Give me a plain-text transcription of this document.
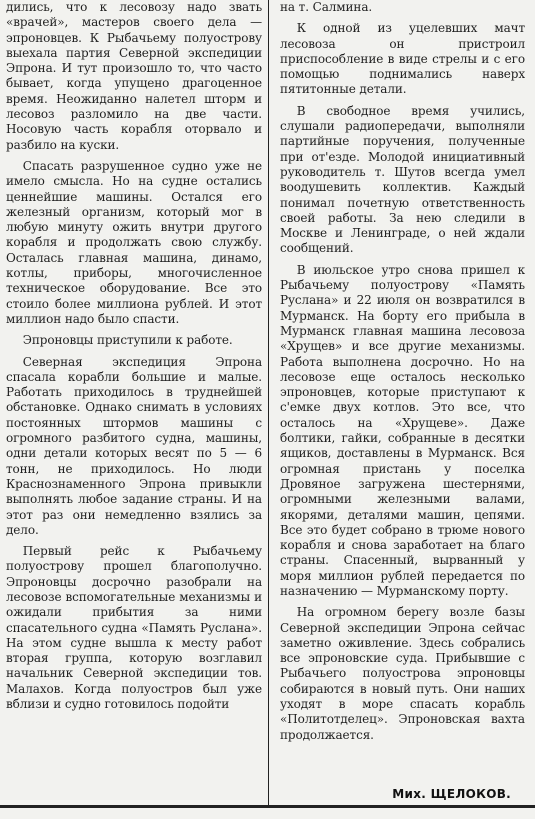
дились, что к лесовозу надо звать «врачей», мастеров своего дела — эпроновцев. К Рыбачьему полуострову выехала партия Северной экспедиции Эпрона. И тут произошло то, что часто бывает, когда упущено драгоценное время. Неожиданно налетел шторм и лесовоз разломило на две части. Носовую часть корабля оторвало и разбило на куски.

Спасать разрушенное судно уже не имело смысла. Но на судне остались ценнейшие машины. Остался его железный организм, который мог в любую минуту ожить внутри другого корабля и продолжать свою службу. Осталась главная машина, динамо, котлы, приборы, многочисленное техническое оборудование. Все это стоило более миллиона рублей. И этот миллион надо было спасти.

Эпроновцы приступили к работе.

Северная экспедиция Эпрона спасала корабли большие и малые. Работать приходилось в труднейшей обстановке. Однако снимать в условиях постоянных штормов машины с огромного разбитого судна, машины, одни детали которых весят по 5 — 6 тонн, не приходилось. Но люди Краснознаменного Эпрона привыкли выполнять любое задание страны. И на этот раз они немедленно взялись за дело.

Первый рейс к Рыбачьему полуострову прошел благополучно. Эпроновцы досрочно разобрали на лесовозе вспомогательные механизмы и ожидали прибытия за ними спасательного судна «Память Руслана». На этом судне вышла к месту работ вторая группа, которую возглавил начальник Северной экспедиции тов. Малахов. Когда полуостров был уже вблизи и судно готовилось подойти

на т. Салмина.

К одной из уцелевших мачт лесовоза он пристроил приспособление в виде стрелы и с его помощью поднимались наверх пятитонные детали.

В свободное время учились, слушали радиопередачи, выполняли партийные поручения, полученные при от'езде. Молодой инициативный руководитель т. Шутов всегда умел воодушевить коллектив. Каждый понимал почетную ответственность своей работы. За нею следили в Москве и Ленинграде, о ней ждали сообщений.

В июльское утро снова пришел к Рыбачьему полуострову «Память Руслана» и 22 июля он возвратился в Мурманск. На борту его прибыла в Мурманск главная машина лесовоза «Хрущев» и все другие механизмы. Работа выполнена досрочно. Но на лесовозе еще осталось несколько эпроновцев, которые приступают к с'емке двух котлов. Это все, что осталось на «Хрущеве». Даже болтики, гайки, собранные в десятки ящиков, доставлены в Мурманск. Вся огромная пристань у поселка Дровяное загружена шестернями, огромными железными валами, якорями, деталями машин, цепями. Все это будет собрано в трюме нового корабля и снова заработает на благо страны. Спасенный, вырванный у моря миллион рублей передается по назначению — Мурманскому порту.

На огромном берегу возле базы Северной экспедиции Эпрона сейчас заметно оживление. Здесь собрались все эпроновские суда. Прибывшие с Рыбачьего полуострова эпроновцы собираются в новый путь. Они наших уходят в море спасать корабль «Политотделец». Эпроновская вахта продолжается.

Мих. ЩЕЛОКОВ.
